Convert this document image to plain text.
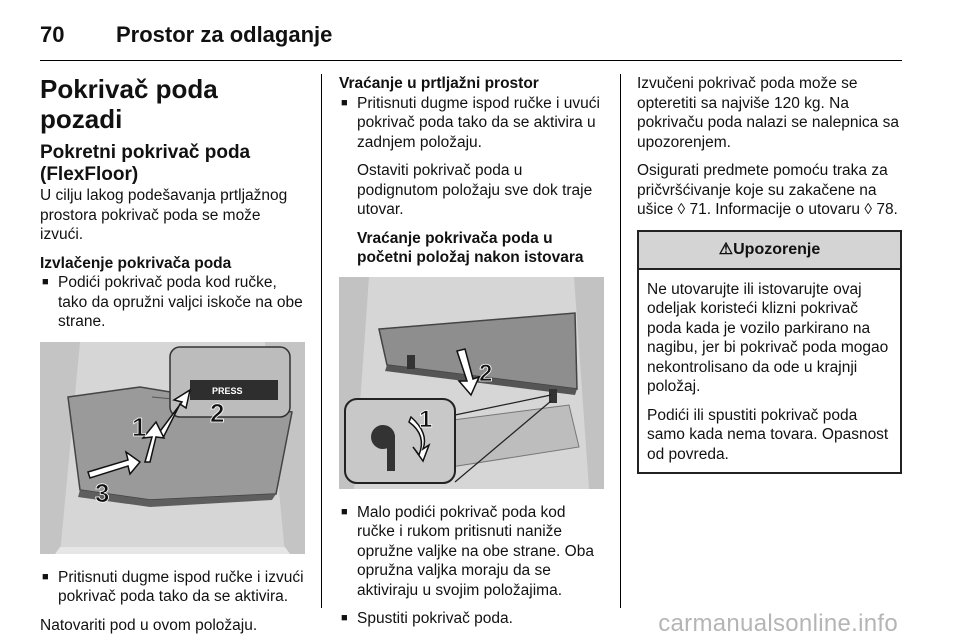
70 Prostor za odlaganje
Pokrivač poda pozadi
Pokretni pokrivač poda (FlexFloor)

U cilju lakog podešavanja prtljažnog prostora pokrivač poda se može izvući.

Izvlačenje pokrivača poda

■ Podići pokrivač poda kod ručke, tako da opružni valjci iskoče na obe strane.

PRESS
1 2
3

■ Pritisnuti dugme ispod ručke i izvući pokrivač poda tako da se aktivira.

Natovariti pod u ovom položaju.

Vraćanje u prtljažni prostor

■ Pritisnuti dugme ispod ručke i uvući pokrivač poda tako da se aktivira u zadnjem položaju.

Ostaviti pokrivač poda u podignutom položaju sve dok traje utovar.

Vraćanje pokrivača poda u početni položaj nakon istovara
2
1

■ Malo podići pokrivač poda kod ručke i rukom pritisnuti naniže opružne valjke na obe strane. Oba opružna valjka moraju da se aktiviraju u svojim položajima.

■ Spustiti pokrivač poda.

Izvučeni pokrivač poda može se opteretiti sa najviše 120 kg. Na pokrivaču poda nalazi se nalepnica sa upozorenjem.

Osigurati predmete pomoću traka za pričvršćivanje koje su zakačene na ušice ◊ 71. Informacije o utovaru ◊ 78.

⚠Upozorenje

Ne utovarujte ili istovarujte ovaj odeljak koristeći klizni pokrivač poda kada je vozilo parkirano na nagibu, jer bi pokrivač poda mogao nekontrolisano da ode u krajnji položaj.

Podići ili spustiti pokrivač poda samo kada nema tovara. Opasnost od povreda.

carmanualsonline.info
